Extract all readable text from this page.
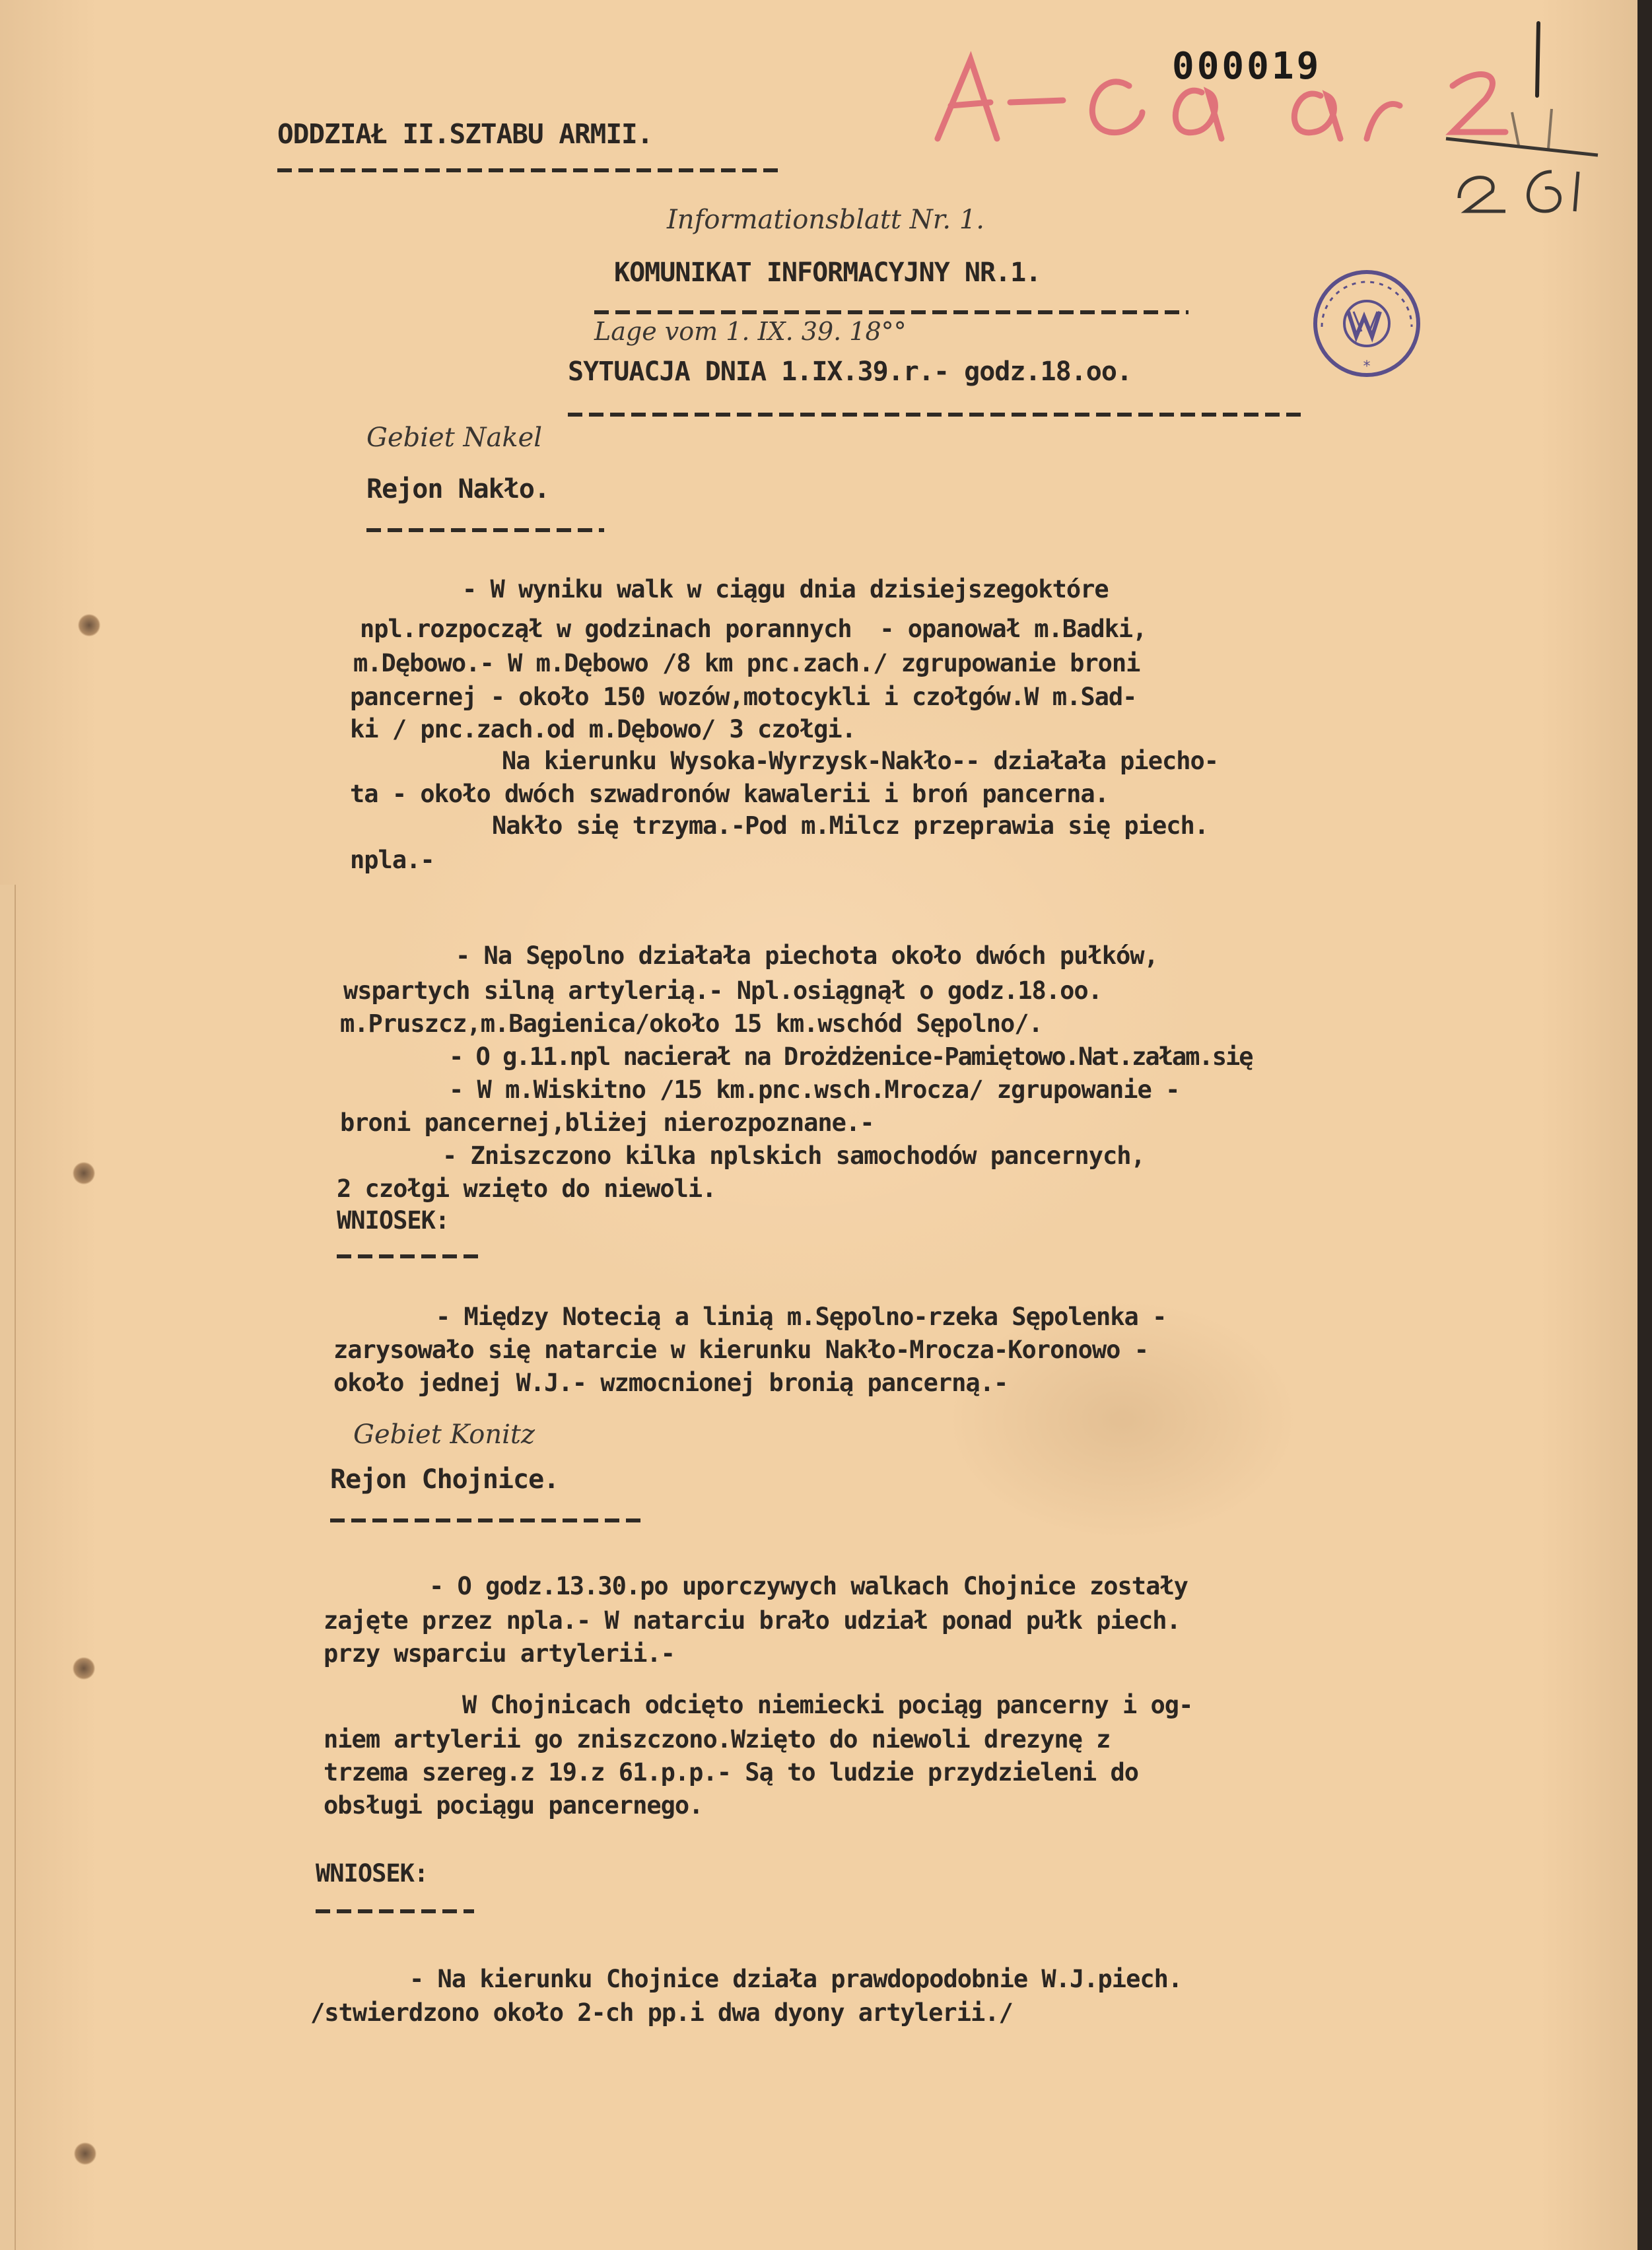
000019
*
ODDZIAŁ II.SZTABU ARMII.
Informationsblatt Nr. 1.
KOMUNIKAT INFORMACYJNY NR.1.
Lage vom 1. IX. 39. 18°°
SYTUACJA DNIA 1.IX.39.r.- godz.18.oo.
Gebiet Nakel
Rejon Nakło.
- W wyniku walk w ciągu dnia dzisiejszegoktóre
npl.rozpoczął w godzinach porannych  - opanował m.Badki,
m.Dębowo.- W m.Dębowo /8 km pnc.zach./ zgrupowanie broni
pancernej - około 150 wozów,motocykli i czołgów.W m.Sad-
ki / pnc.zach.od m.Dębowo/ 3 czołgi.
Na kierunku Wysoka-Wyrzysk-Nakło-- działała piecho-
ta - około dwóch szwadronów kawalerii i broń pancerna.
Nakło się trzyma.-Pod m.Milcz przeprawia się piech.
npla.-
- Na Sępolno działała piechota około dwóch pułków,
wspartych silną artylerią.- Npl.osiągnął o godz.18.oo.
m.Pruszcz,m.Bagienica/około 15 km.wschód Sępolno/.
- O g.11.npl nacierał na Drożdżenice-Pamiętowo.Nat.załam.się
- W m.Wiskitno /15 km.pnc.wsch.Mrocza/ zgrupowanie -
broni pancernej,bliżej nierozpoznane.-
- Zniszczono kilka nplskich samochodów pancernych,
2 czołgi wzięto do niewoli.
WNIOSEK:
- Między Notecią a linią m.Sępolno-rzeka Sępolenka -
zarysowało się natarcie w kierunku Nakło-Mrocza-Koronowo -
około jednej W.J.- wzmocnionej bronią pancerną.-
Gebiet Konitz
Rejon Chojnice.
- O godz.13.30.po uporczywych walkach Chojnice zostały
zajęte przez npla.- W natarciu brało udział ponad pułk piech.
przy wsparciu artylerii.-
W Chojnicach odcięto niemiecki pociąg pancerny i og-
niem artylerii go zniszczono.Wzięto do niewoli drezynę z
trzema szereg.z 19.z 61.p.p.- Są to ludzie przydzieleni do
obsługi pociągu pancernego.
WNIOSEK:
- Na kierunku Chojnice działa prawdopodobnie W.J.piech.
/stwierdzono około 2-ch pp.i dwa dyony artylerii./
